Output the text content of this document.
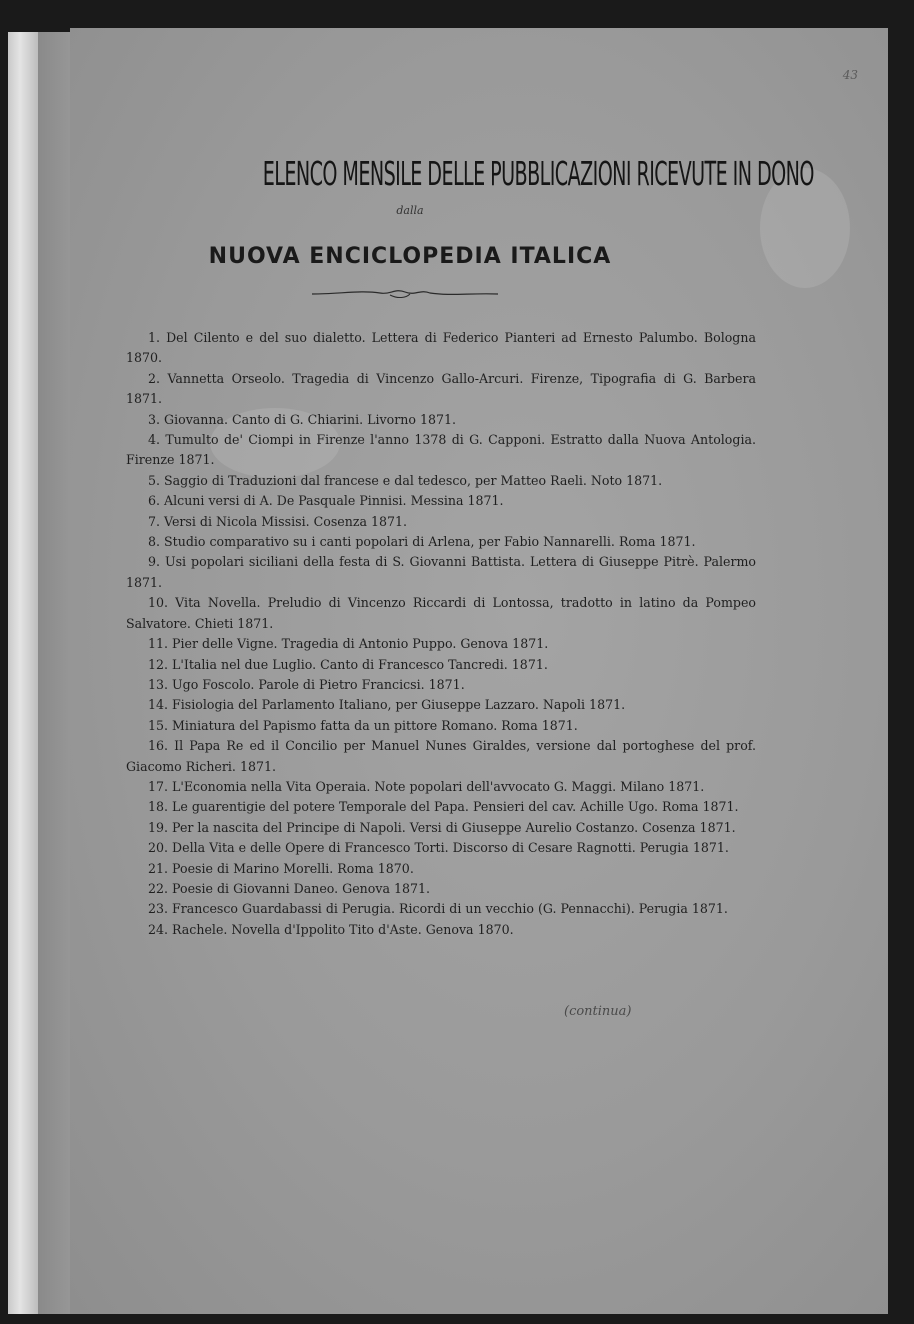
43
ELENCO MENSILE DELLE PUBBLICAZIONI RICEVUTE IN DONO
dalla
NUOVA ENCICLOPEDIA ITALICA

1. Del Cilento e del suo dialetto. Lettera di Federico Pianteri ad Ernesto Palumbo. Bologna 1870.

2. Vannetta Orseolo. Tragedia di Vincenzo Gallo-Arcuri. Firenze, Tipografia di G. Barbera 1871.

3. Giovanna. Canto di G. Chiarini. Livorno 1871.

4. Tumulto de' Ciompi in Firenze l'anno 1378 di G. Capponi. Estratto dalla Nuova Antologia. Firenze 1871.

5. Saggio di Traduzioni dal francese e dal tedesco, per Matteo Raeli. Noto 1871.

6. Alcuni versi di A. De Pasquale Pinnisi. Messina 1871.

7. Versi di Nicola Missisi. Cosenza 1871.

8. Studio comparativo su i canti popolari di Arlena, per Fabio Nannarelli. Roma 1871.

9. Usi popolari siciliani della festa di S. Giovanni Battista. Lettera di Giuseppe Pitrè. Palermo 1871.

10. Vita Novella. Preludio di Vincenzo Riccardi di Lontossa, tradotto in latino da Pompeo Salvatore. Chieti 1871.

11. Pier delle Vigne. Tragedia di Antonio Puppo. Genova 1871.

12. L'Italia nel due Luglio. Canto di Francesco Tancredi. 1871.

13. Ugo Foscolo. Parole di Pietro Francicsi. 1871.

14. Fisiologia del Parlamento Italiano, per Giuseppe Lazzaro. Napoli 1871.

15. Miniatura del Papismo fatta da un pittore Romano. Roma 1871.

16. Il Papa Re ed il Concilio per Manuel Nunes Giraldes, versione dal portoghese del prof. Giacomo Richeri. 1871.

17. L'Economia nella Vita Operaia. Note popolari dell'avvocato G. Maggi. Milano 1871.

18. Le guarentigie del potere Temporale del Papa. Pensieri del cav. Achille Ugo. Roma 1871.

19. Per la nascita del Principe di Napoli. Versi di Giuseppe Aurelio Costanzo. Cosenza 1871.

20. Della Vita e delle Opere di Francesco Torti. Discorso di Cesare Ragnotti. Perugia 1871.

21. Poesie di Marino Morelli. Roma 1870.

22. Poesie di Giovanni Daneo. Genova 1871.

23. Francesco Guardabassi di Perugia. Ricordi di un vecchio (G. Pennacchi). Perugia 1871.

24. Rachele. Novella d'Ippolito Tito d'Aste. Genova 1870.

(continua)
